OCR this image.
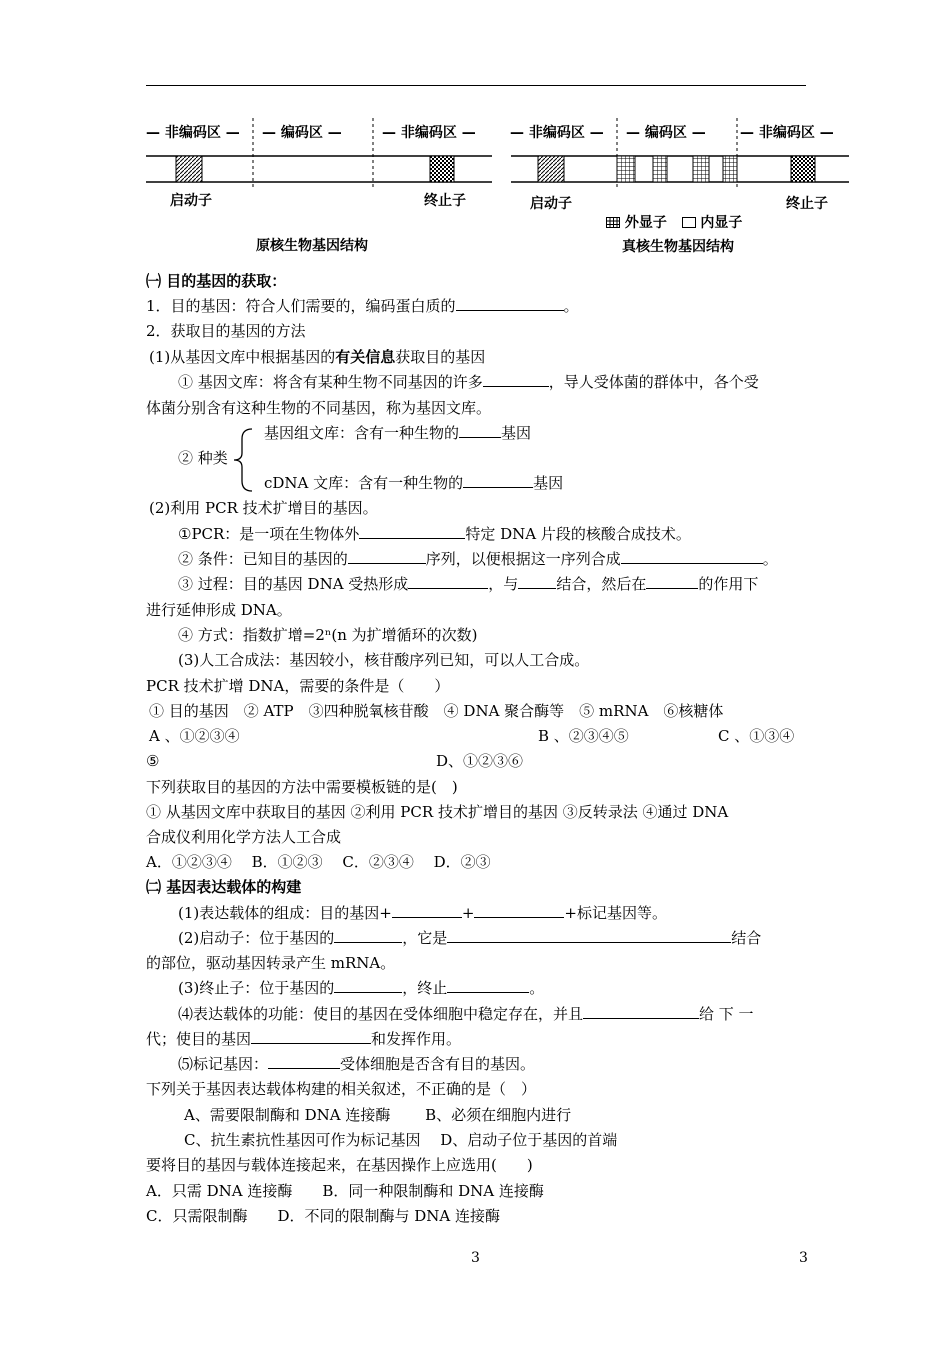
— 非编码区 — — 编码区 —	— 非编码区 —
启动子	终止子
原核生物基因结构
— 非编码区 — — 编码区 — — 非编码区 —
启动子	终止子
外显子 内显子
真核生物基因结构
㈠ 目的基因的获取：
1．目的基因：符合人们需要的，编码蛋白质的	。
2．获取目的基因的方法
(1)从基因文库中根据基因的有关信息获取目的基因
① 基因文库：将含有某种生物不同基因的许多	，导人受体菌的群体中，各个受
体菌分别含有这种生物的不同基因，称为基因文库。
② 种类
基因组文库：含有一种生物的	基因
cDNA 文库：含有一种生物的	基因
(2)利用 PCR 技术扩增目的基因。
①PCR：是一项在生物体外	特定 DNA 片段的核酸合成技术。
② 条件：已知目的基因的	序列，以便根据这一序列合成	。
③ 过程：目的基因 DNA 受热形成	，与	结合，然后在	的作用下
进行延伸形成 DNA。
④ 方式：指数扩增=2ⁿ(n 为扩增循环的次数)
(3)人工合成法：基因较小，核苷酸序列已知，可以人工合成。
PCR 技术扩增 DNA，需要的条件是（　　）
① 目的基因　② ATP　③四种脱氧核苷酸　④ DNA 聚合酶等　⑤ mRNA　⑥核糖体
A 、①②③④	B 、②③④⑤	C 、①③④
⑤	D、①②③⑥
下列获取目的基因的方法中需要模板链的是(　)
① 从基因文库中获取目的基因 ②利用 PCR 技术扩增目的基因 ③反转录法 ④通过 DNA
合成仪利用化学方法人工合成
A．①②③④　 B．①②③　 C．②③④　 D．②③
㈡ 基因表达载体的构建
(1)表达载体的组成：目的基因+	+	+标记基因等。
(2)启动子：位于基因的	，它是	结合
的部位，驱动基因转录产生 mRNA。
(3)终止子：位于基因的	，终止	。
⑷表达载体的功能：使目的基因在受体细胞中稳定存在，并且	给 下 一
代；使目的基因	和发挥作用。
⑸标记基因：	受体细胞是否含有目的基因。
下列关于基因表达载体构建的相关叙述，不正确的是（　）
A、需要限制酶和 DNA 连接酶　　 B、必须在细胞内进行
C、抗生素抗性基因可作为标记基因　 D、启动子位于基因的首端
要将目的基因与载体连接起来，在基因操作上应选用(　　)
A．只需 DNA 连接酶　　B．同一种限制酶和 DNA 连接酶
C．只需限制酶　　D．不同的限制酶与 DNA 连接酶
3	3
